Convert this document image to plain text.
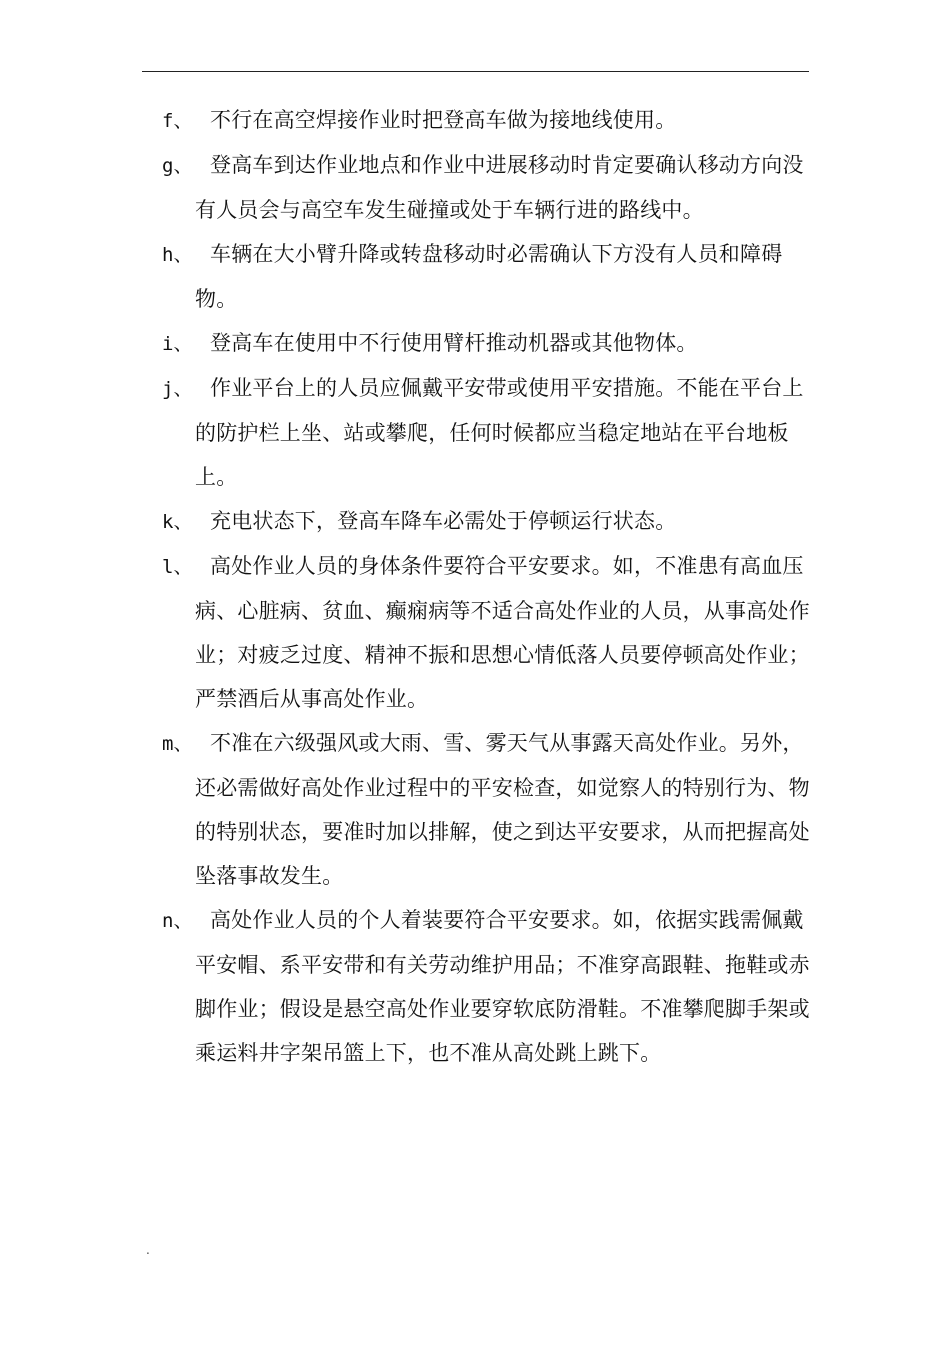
f、 不行在高空焊接作业时把登高车做为接地线使用。
g、 登高车到达作业地点和作业中进展移动时肯定要确认移动方向没有人员会与高空车发生碰撞或处于车辆行进的路线中。
h、 车辆在大小臂升降或转盘移动时必需确认下方没有人员和障碍物。
i、 登高车在使用中不行使用臂杆推动机器或其他物体。
j、 作业平台上的人员应佩戴平安带或使用平安措施。不能在平台上的防护栏上坐、站或攀爬，任何时候都应当稳定地站在平台地板上。
k、 充电状态下，登高车降车必需处于停顿运行状态。
l、 高处作业人员的身体条件要符合平安要求。如，不准患有高血压病、心脏病、贫血、癫痫病等不适合高处作业的人员，从事高处作业；对疲乏过度、精神不振和思想心情低落人员要停顿高处作业；严禁酒后从事高处作业。
m、 不准在六级强风或大雨、雪、雾天气从事露天高处作业。另外，还必需做好高处作业过程中的平安检查，如觉察人的特别行为、物的特别状态，要准时加以排解，使之到达平安要求，从而把握高处坠落事故发生。
n、 高处作业人员的个人着装要符合平安要求。如，依据实践需佩戴平安帽、系平安带和有关劳动维护用品；不准穿高跟鞋、拖鞋或赤脚作业；假设是悬空高处作业要穿软底防滑鞋。不准攀爬脚手架或乘运料井字架吊篮上下，也不准从高处跳上跳下。
.
